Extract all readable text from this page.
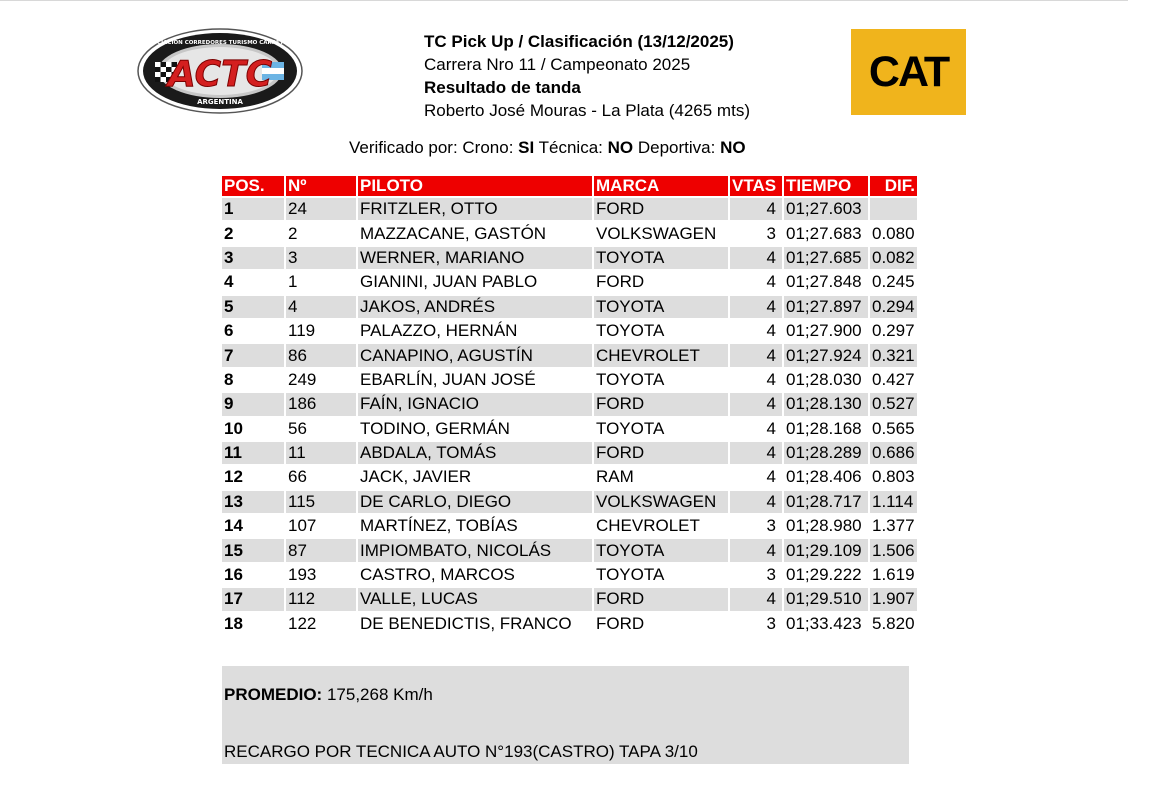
ACTC
ASOCIACION CORREDORES TURISMO CARRETERA
ARGENTINA
TC Pick Up / Clasificación (13/12/2025)
Carrera Nro 11 / Campeonato 2025
Resultado de tanda
Roberto José Mouras - La Plata (4265 mts)
CAT
Verificado por: Crono: SI Técnica: NO Deportiva: NO
POS.	Nº	PILOTO	MARCA	VTAS	TIEMPO	DIF.
1	24	FRITZLER, OTTO	FORD	4	01;27.603	
2	2	MAZZACANE, GASTÓN	VOLKSWAGEN	3	01;27.683	0.080
3	3	WERNER, MARIANO	TOYOTA	4	01;27.685	0.082
4	1	GIANINI, JUAN PABLO	FORD	4	01;27.848	0.245
5	4	JAKOS, ANDRÉS	TOYOTA	4	01;27.897	0.294
6	119	PALAZZO, HERNÁN	TOYOTA	4	01;27.900	0.297
7	86	CANAPINO, AGUSTÍN	CHEVROLET	4	01;27.924	0.321
8	249	EBARLÍN, JUAN JOSÉ	TOYOTA	4	01;28.030	0.427
9	186	FAÍN, IGNACIO	FORD	4	01;28.130	0.527
10	56	TODINO, GERMÁN	TOYOTA	4	01;28.168	0.565
11	11	ABDALA, TOMÁS	FORD	4	01;28.289	0.686
12	66	JACK, JAVIER	RAM	4	01;28.406	0.803
13	115	DE CARLO, DIEGO	VOLKSWAGEN	4	01;28.717	1.114
14	107	MARTÍNEZ, TOBÍAS	CHEVROLET	3	01;28.980	1.377
15	87	IMPIOMBATO, NICOLÁS	TOYOTA	4	01;29.109	1.506
16	193	CASTRO, MARCOS	TOYOTA	3	01;29.222	1.619
17	112	VALLE, LUCAS	FORD	4	01;29.510	1.907
18	122	DE BENEDICTIS, FRANCO	FORD	3	01;33.423	5.820
PROMEDIO: 175,268 Km/h
RECARGO POR TECNICA AUTO N°193(CASTRO) TAPA 3/10
